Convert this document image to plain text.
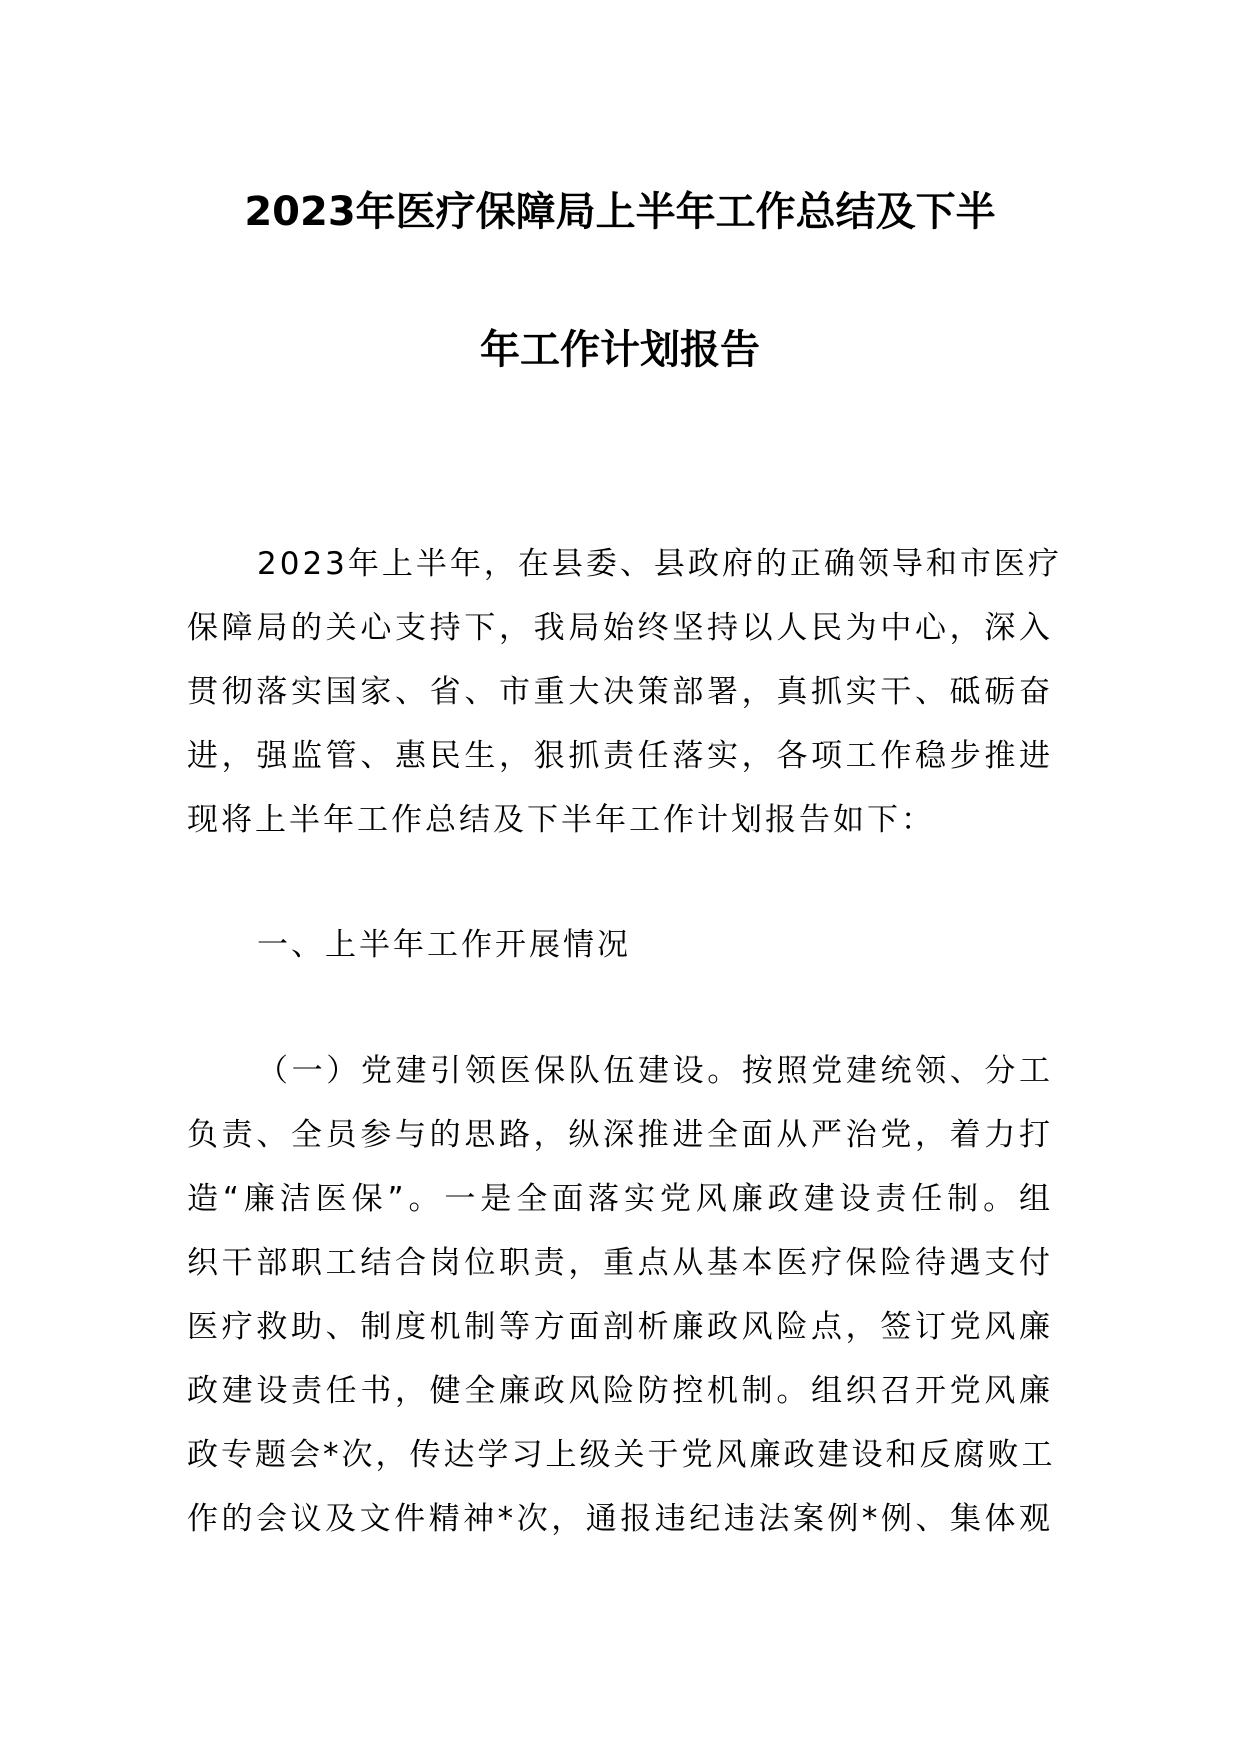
2023年医疗保障局上半年工作总结及下半
年工作计划报告
2023年上半年，在县委、县政府的正确领导和市医疗
保障局的关心支持下，我局始终坚持以人民为中心，深入
贯彻落实国家、省、市重大决策部署，真抓实干、砥砺奋
进，强监管、惠民生，狠抓责任落实，各项工作稳步推进
现将上半年工作总结及下半年工作计划报告如下：
一、上半年工作开展情况
（一）党建引领医保队伍建设。按照党建统领、分工
负责、全员参与的思路，纵深推进全面从严治党，着力打
造“廉洁医保”。一是全面落实党风廉政建设责任制。组
织干部职工结合岗位职责，重点从基本医疗保险待遇支付
医疗救助、制度机制等方面剖析廉政风险点，签订党风廉
政建设责任书，健全廉政风险防控机制。组织召开党风廉
政专题会*次，传达学习上级关于党风廉政建设和反腐败工
作的会议及文件精神*次，通报违纪违法案例*例、集体观
